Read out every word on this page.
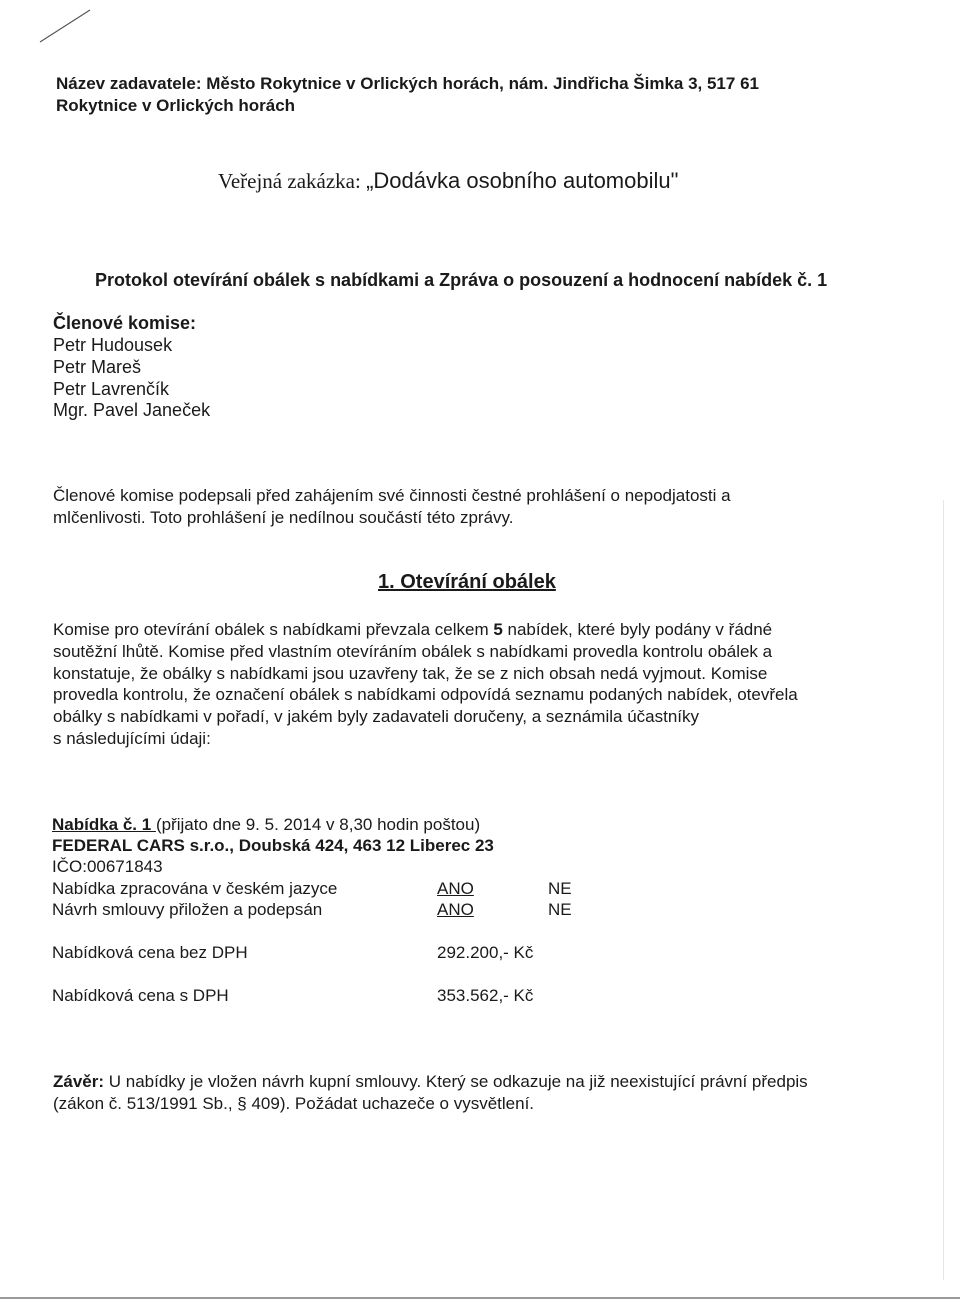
Název zadavatele: Město Rokytnice v Orlických horách, nám. Jindřicha Šimka 3, 517 61
Rokytnice v Orlických horách
Veřejná zakázka: „Dodávka osobního automobilu"
Protokol otevírání obálek s nabídkami a Zpráva o posouzení a hodnocení nabídek č. 1
Členové komise:
Petr Hudousek
Petr Mareš
Petr Lavrenčík
Mgr. Pavel Janeček
Členové komise podepsali před zahájením své činnosti čestné prohlášení o nepodjatosti a
mlčenlivosti. Toto prohlášení je nedílnou součástí této zprávy.
1. Otevírání obálek
Komise pro otevírání obálek s nabídkami převzala celkem 5 nabídek, které byly podány v řádné
soutěžní lhůtě. Komise před vlastním otevíráním obálek s nabídkami provedla kontrolu obálek a
konstatuje, že obálky s nabídkami jsou uzavřeny tak, že se z nich obsah nedá vyjmout. Komise
provedla kontrolu, že označení obálek s nabídkami odpovídá seznamu podaných nabídek, otevřela
obálky s nabídkami v pořadí, v jakém byly zadavateli doručeny, a seznámila účastníky
s následujícími údaji:
Nabídka č. 1 (přijato dne 9. 5. 2014 v 8,30 hodin poštou)
FEDERAL CARS s.r.o., Doubská 424, 463 12 Liberec 23
IČO:00671843
Nabídka zpracována v českém jazyce	ANO	NE
Návrh smlouvy přiložen a podepsán	ANO	NE
Nabídková cena bez DPH	292.200,- Kč
Nabídková cena s DPH	353.562,- Kč
Závěr: U nabídky je vložen návrh kupní smlouvy. Který se odkazuje na již neexistující právní předpis
(zákon č. 513/1991 Sb., § 409). Požádat uchazeče o vysvětlení.
